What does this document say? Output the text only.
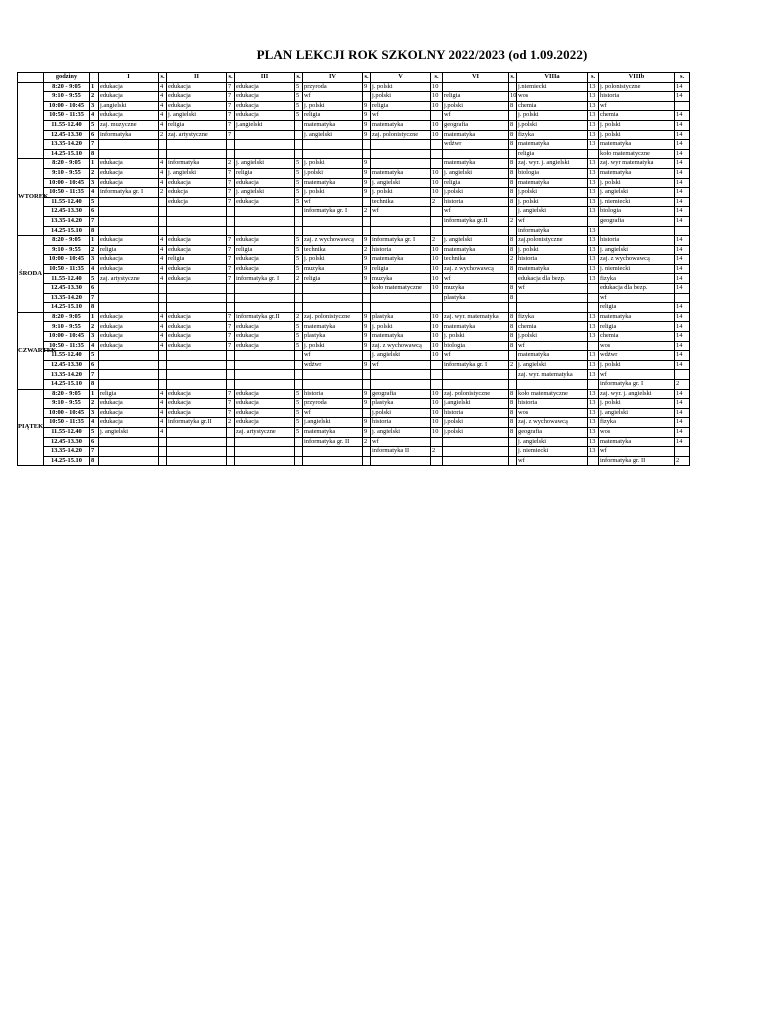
PLAN LEKCJI ROK SZKOLNY 2022/2023 (od 1.09.2022)
	godziny		I	s.	II	s.	III	s.	IV	s.	V	s.	VI	s.	VIIIa	s.	VIIIb	s.
	8:20 - 9:05	1	edukacja	4	edukacja	7	edukacja	5	przyroda	9	j. polski	10			j.niemiecki	13	j. polonistyczne	14
	9:10 - 9:55	2	edukacja	4	edukacja	7	edukacja	5	wf		j.polski	10	religia	10	wos	13	historia	14
	10:00 - 10:45	3	j.angielski	4	edukacja	7	edukacja	5	j. polski	9	religia	10	j.polski	8	chemia	13	wf	
	10:50 - 11:35	4	edukacja	4	j. angielski	7	edukacja	5	religia	9	wf		wf		j. polski	13	chemia	14
	11.55-12.40	5	zaj. muzyczne	4	religia	7	j.angielski		matematyka	9	matematyka	10	geografia	8	j.polski	13	j. polski	14
	12.45-13.30	6	informatyka	2	zaj. artystyczne	7			j. angielski	9	zaj. polonistyczne	10	matematyka	8	fizyka	13	j. polski	14
	13.35-14.20	7											wdżwr	8	matematyka	13	matematyka	14
	14.25-15.10	8													religia		koło matematyczne	14
WTOREK	8:20 - 9:05	1	edukacja	4	informatyka	2	j. angielski	5	j. polski	9			matematyka	8	zaj. wyr. j. angielski	13	zaj. wyr matematyka	14
	9:10 - 9:55	2	edukacja	4	j. angielski	7	religia	5	j.polski	9	matematyka	10	j. angielski	8	biologia	13	matematyka	14
	10:00 - 10:45	3	edukacja	4	edukacja	7	edukacja	5	matematyka	9	j. angielski	10	religia	8	matematyka	13	j. polski	14
	10:50 - 11:35	4	informatyka gr. I	2	edukcja	7	j. angielski	5	j. polski	9	j. polski	10	j.polski	8	j.polski	13	j. angielski	14
	11.55-12.40	5			edukcja	7	edukacja	5	wf		technika	2	historia	8	j. polski	13	j. niemiecki	14
	12.45-13.30	6							informatyka gr. I	2	wf		wf		j. angielski	13	biologia	14
	13.35-14.20	7											informatyka gr.II	2	wf		geografia	14
	14.25-15.10	8													informatyka	13		
ŚRODA	8:20 - 9:05	1	edukacja	4	edukacja	7	edukacja	5	zaj. z wychowawcą	9	informatyka gr. I	2	j. angielski	8	zaj.polonistyczne	13	historia	14
	9:10 - 9:55	2	religia	4	edukacja	7	religia	5	technika	2	historia	10	matematyka	8	j. polski	13	j. angielski	14
	10:00 - 10:45	3	edukacja	4	religia	7	edukacja	5	j. polski	9	matematyka	10	technika	2	historia	13	zaj. z wychowawcą	14
	10:50 - 11:35	4	edukacja	4	edukacja	7	edukacja	5	muzyka	9	religia	10	zaj. z wychowawcą	8	matematyka	13	j. niemiecki	14
	11.55-12.40	5	zaj. artystyczne	4	edukacja	7	informatyka gr. I	2	religia	9	muzyka	10	wf		edukacja dla bezp.	13	fizyka	14
	12.45-13.30	6									koło matematyczne	10	muzyka	8	wf		edukacja dla bezp.	14
	13.35-14.20	7											plastyka	8			wf	
	14.25-15.10	8															religia	14
CZWARTEK	8:20 - 9:05	1	edukacja	4	edukacja	7	informatyka gr.II	2	zaj. polonistyczne	9	plastyka	10	zaj. wyr. matematyka	8	fizyka	13	matematyka	14
	9:10 - 9:55	2	edukacja	4	edukacja	7	edukacja	5	matematyka	9	j. polski	10	matematyka	8	chemia	13	religia	14
	10:00 - 10:45	3	edukacja	4	edukacja	7	edukacja	5	plastyka	9	matematyka	10	j. polski	8	j.polski	13	chemia	14
	10:50 - 11:35	4	edukacja	4	edukacja	7	edukacja	5	j. polski	9	zaj. z wychowawcą	10	biologia	8	wf		wos	14
	11.55-12.40	5							wf		j. angielski	10	wf		matematyka	13	wdżwr	14
	12.45-13.30	6							wdżwr	9	wf		informatyka gr. I	2	j. angielski	13	j. polski	14
	13.35-14.20	7													zaj. wyr. matematyka	13	wf	
	14.25-15.10	8															informatyka gr. I	2
PIĄTEK	8:20 - 9:05	1	religia	4	edukacja	7	edukacja	5	historia	9	geografia	10	zaj. polonistyczne	8	koło matematyczne	13	zaj. wyr. j. angielski	14
	9:10 - 9:55	2	edukacja	4	edukacja	7	edukacja	5	przyroda	9	plastyka	10	j.angielski	8	historia	13	j. polski	14
	10:00 - 10:45	3	edukacja	4	edukacja	7	edukacja	5	wf		j.polski	10	historia	8	wos	13	j. angielski	14
	10:50 - 11:35	4	edukacja	4	informatyka gr.II	2	edukacja	5	j.angielski	9	historia	10	j.polski	8	zaj. z wychowawcą	13	fizyka	14
	11.55-12.40	5	j. angielski	4			zaj. artystyczne	5	matematyka	9	j. angielski	10	j.polski	8	geografia	13	wos	14
	12.45-13.30	6							informatyka gr. II	2	wf				j. angielski	13	matematyka	14
	13.35-14.20	7									informatyka II	2			j. niemiecki	13	wf	
	14.25-15.10	8													wf		informatyka gr. II	2
